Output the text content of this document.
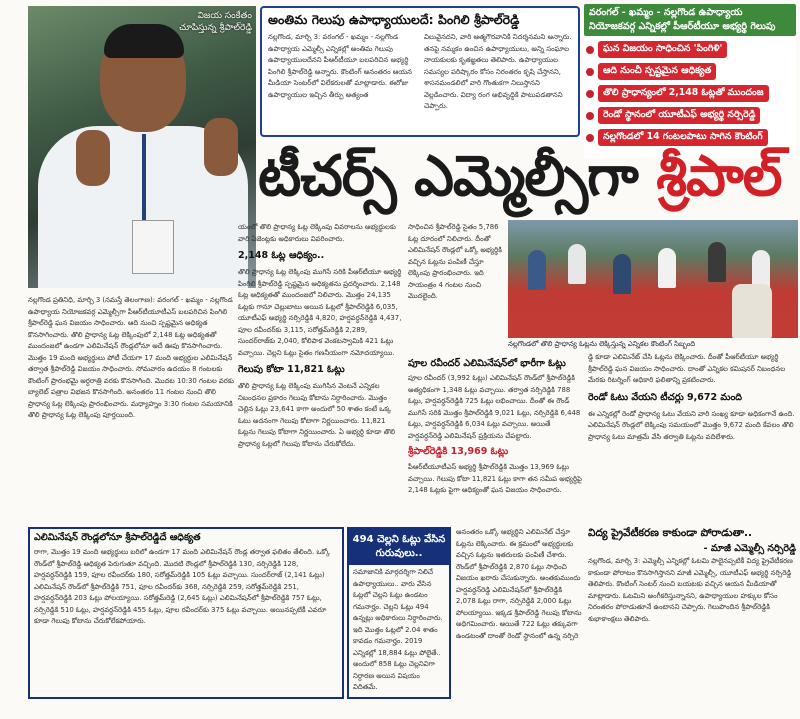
విజయ సంకేతం
చూపిస్తున్న శ్రీపాల్‌రెడ్డి
అంతిమ గెలుపు ఉపాధ్యాయులదే: పింగిలి శ్రీపాల్‌రెడ్డి
నల్లగొండ, మార్చి 3: వరంగల్ - ఖమ్మం - నల్లగొండ ఉపాధ్యాయ ఎమ్మెల్సీ ఎన్నికల్లో అంతిమ గెలుపు ఉపాధ్యాయులదేనని పీఆర్‌టీయూ బలపరిచిన అభ్యర్థి పింగిలి శ్రీపాల్‌రెడ్డి అన్నారు. కౌంటింగ్ అనంతరం ఆయన మీడియా సెంటర్‌లో విలేకరులతో మాట్లాడారు. ఈరోజు ఉపాధ్యాయుల ఇచ్చిన తీర్పు అత్యంత
విలువైనదని, వారి ఆత్మగౌరవానికి నిదర్శనమని అన్నారు. తనపై నమ్మకం ఉంచిన ఉపాధ్యాయులు, అన్ని సంఘాల నాయకులకు కృతజ్ఞతలు తెలిపారు. ఉపాధ్యాయుల సమస్యల పరిష్కారం కోసం నిరంతరం కృషి చేస్తానని, శాసనమండలిలో వారి గొంతుకగా నిలుస్తానని వెల్లడించారు. విద్యా రంగ అభివృద్ధికి పాటుపడతానని చెప్పారు.
వరంగల్ - ఖమ్మం - నల్లగొండ ఉపాధ్యాయ నియోజకవర్గ ఎన్నికల్లో పీఆర్‌టీయూ అభ్యర్థి గెలుపు
ఘన విజయం సాధించిన 'పింగిళి'
ఆది నుంచీ స్పష్టమైన ఆధిక్యత
తొలి ప్రాధాన్యంలో 2,148 ఓట్లతో ముందంజ
రెండో స్థానంలో యూటీఎఫ్ అభ్యర్థి నర్సిరెడ్డి
నల్లగొండలో 14 గంటలపాటు సాగిన కౌంటింగ్
టీచర్స్ ఎమ్మెల్సీగా శ్రీపాల్
నల్లగొండలో తొలి ప్రాధాన్య ఓట్లను లెక్కిస్తున్న ఎన్నికల కౌంటింగ్ సిబ్బంది
నల్లగొండ ప్రతినిధి, మార్చి 3 (నమస్తే తెలంగాణ): వరంగల్ - ఖమ్మం - నల్లగొండ ఉపాధ్యాయ నియోజకవర్గ ఎమ్మెల్సీగా పీఆర్‌టీయూటీఎస్ బలపరిచిన పింగిలి శ్రీపాల్‌రెడ్డి ఘన విజయం సాధించారు. ఆది నుంచి స్పష్టమైన ఆధిక్యత కొనసాగించారు. తొలి ప్రాధాన్య ఓట్ల లెక్కింపులో 2,148 ఓట్ల ఆధిక్యతతో ముందంజలో ఉండగా ఎలిమినేషన్ రౌండ్లలోనూ అదే ఊపు కొనసాగించారు. మొత్తం 19 మంది అభ్యర్థులు పోటీ చేయగా 17 మంది అభ్యర్థుల ఎలిమినేషన్ తర్వాత శ్రీపాల్‌రెడ్డి విజయం సాధించారు. సోమవారం ఉదయం 8 గంటలకు కౌంటింగ్ ప్రారంభమై అర్ధరాత్రి వరకు కొనసాగింది. మొదట 10:30 గంటల వరకు బ్యాలెట్ పత్రాల విభజన కొనసాగింది. అనంతరం 11 గంటల నుంచి తొలి ప్రాధాన్య ఓట్ల లెక్కింపు ప్రారంభించారు. మధ్యాహ్నం 3:30 గంటల సమయానికి తొలి ప్రాధాన్య ఓట్ల లెక్కింపు పూర్తయింది.
యంలో తొలి ప్రాధాన్య ఓట్ల లెక్కింపు వివరాలను అభ్యర్థులకు వారి ఏజెంట్లకు అధికారులు వివరించారు.
2,148 ఓట్ల ఆధిక్యం..
తొలి ప్రాధాన్య ఓట్ల లెక్కింపు ముగిసే సరికి పీఆర్‌టీయూ అభ్యర్థి పింగిలి శ్రీపాల్‌రెడ్డి స్పష్టమైన ఆధిక్యతను ప్రదర్శించారు. 2,148 ఓట్ల ఆధిక్యతతో ముందంజలో నిలిచారు. మొత్తం 24,135 ఓట్లకు గానూ చెల్లుబాటు అయిన ఓట్లలో శ్రీపాల్‌రెడ్డికి 6,035, యూటీఎఫ్ అభ్యర్థి నర్సిరెడ్డికి 4,820, హర్షవర్ధన్‌రెడ్డికి 4,437, పూల రవీందర్‌కు 3,115, సరోత్తమ్‌రెడ్డికి 2,289, సుందర్‌రాజ్‌కు 2,040, కోలిపాక వెంకటస్వామికి 421 ఓట్లు వచ్చాయి. చెల్లని ఓట్లు సైతం గణనీయంగా నమోదయ్యాయి.
గెలుపు కోటా 11,821 ఓట్లు
తొలి ప్రాధాన్య ఓట్ల లెక్కింపు ముగిసిన వెంటనే ఎన్నికల నిబంధనల ప్రకారం గెలుపు కోటాను నిర్ధారించారు. మొత్తం చెల్లిన ఓట్లు 23,641 కాగా అందులో 50 శాతం కంటే ఒక్క ఓటు అదనంగా గెలుపు కోటాగా నిర్ణయించారు. 11,821 ఓట్లను గెలుపు కోటాగా నిర్ణయించారు. ఏ అభ్యర్థి కూడా తొలి ప్రాధాన్య ఓట్లలో గెలుపు కోటాను చేరుకోలేదు.
సాధించిన శ్రీపాల్‌రెడ్డి సైతం 5,786 ఓట్ల దూరంలో నిలిచారు. దీంతో ఎలిమినేషన్ రౌండ్లలో ఒక్కో అభ్యర్థికి వచ్చిన ఓట్లను పంపిణీ చేస్తూ లెక్కింపు ప్రారంభించారు. ఇది సాయంత్రం 4 గంటల నుంచి మొదలైంది.
పూల రవీందర్ ఎలిమినేషన్‌లో భారీగా ఓట్లు
పూల రవీందర్ (3,992 ఓట్లు) ఎలిమినేషన్ రౌండ్‌లో శ్రీపాల్‌రెడ్డికి అత్యధికంగా 1,348 ఓట్లు వచ్చాయి. తర్వాత నర్సిరెడ్డికి 788 ఓట్లు, హర్షవర్ధన్‌రెడ్డికి 725 ఓట్లు లభించాయి. దీంతో ఈ రౌండ్ ముగిసే సరికి మొత్తం శ్రీపాల్‌రెడ్డికి 9,021 ఓట్లు, నర్సిరెడ్డికి 6,448 ఓట్లు, హర్షవర్ధన్‌రెడ్డికి 6,034 ఓట్లు వచ్చాయి. అయితే హర్షవర్ధన్‌రెడ్డి ఎలిమినేషన్ ప్రక్రియను చేపట్టారు.
శ్రీపాల్‌రెడ్డికి 13,969 ఓట్లు
పీఆర్‌టీయూటీఎస్ అభ్యర్థి శ్రీపాల్‌రెడ్డికి మొత్తం 13,969 ఓట్లు వచ్చాయి. గెలుపు కోటా 11,821 ఓట్లు కాగా తన సమీప అభ్యర్థిపై 2,148 ఓట్లకు పైగా ఆధిక్యంతో ఘన విజయం సాధించారు.
డ్డి కూడా ఎలిమినేట్ చేసి ఓట్లను లెక్కించారు. దీంతో పీఆర్‌టీయూ అభ్యర్థి శ్రీపాల్‌రెడ్డి ఘన విజయం సాధించారు. దాంతో ఎన్నికల కమిషనర్ నిబంధనల మేరకు రిటర్నింగ్ అధికారి ఫలితాన్ని ప్రకటించారు.
రెండో ఓటు వేయని టీచర్లు 9,672 మంది
ఈ ఎన్నికల్లో రెండో ప్రాధాన్య ఓటు వేయని వారి సంఖ్య కూడా అధికంగానే ఉంది. ఎలిమినేషన్ రౌండ్లలో లెక్కింపు సమయంలో మొత్తం 9,672 మంది కేవలం తొలి ప్రాధాన్య ఓటు మాత్రమే వేసి తర్వాతి ఓట్లను వదిలేశారు.
ఎలిమినేషన్ రౌండ్లలోనూ శ్రీపాల్‌రెడ్డిదే ఆధిక్యత
రాగా, మొత్తం 19 మంది అభ్యర్థులు బరిలో ఉండగా 17 మంది ఎలిమినేషన్ రౌండ్ల తర్వాత ఫలితం తేలింది. ఒక్కో రౌండ్‌లో శ్రీపాల్‌రెడ్డి ఆధిక్యత పెరుగుతూ వచ్చింది. మొదటి రౌండ్లలో శ్రీపాల్‌రెడ్డికి 130, నర్సిరెడ్డికి 128, హర్షవర్ధన్‌రెడ్డికి 159, పూల రవీందర్‌కు 180, సరోత్తమ్‌రెడ్డికి 105 ఓట్లు వచ్చాయి. సుందర్‌రాజ్ (2,141 ఓట్లు) ఎలిమినేషన్ రౌండ్‌లో శ్రీపాల్‌రెడ్డికి 751, పూల రవీందర్‌కు 368, నర్సిరెడ్డికి 259, సరోత్తమ్‌రెడ్డికి 251, హర్షవర్ధన్‌రెడ్డికి 203 ఓట్లు పోలయ్యాయి. సరోత్తమ్‌రెడ్డి (2,645 ఓట్లు) ఎలిమినేషన్‌లో శ్రీపాల్‌రెడ్డికి 757 ఓట్లు, నర్సిరెడ్డికి 510 ఓట్లు, హర్షవర్ధన్‌రెడ్డికి 455 ఓట్లు, పూల రవీందర్‌కు 375 ఓట్లు వచ్చాయి. అయినప్పటికీ ఎవరూ కూడా గెలుపు కోటాను చేరుకోలేకపోయారు.
494 చెల్లని ఓట్లు వేసిన గురువులు..
సమాజానికి మార్గదర్శిగా నిలిచే ఉపాధ్యాయులు.. వారు వేసిన ఓట్లలో చెల్లని ఓట్లు ఉండటం గమనార్హం. చెల్లని ఓట్లు 494 ఉన్నట్లు అధికారులు నిర్ధారించారు. ఇది మొత్తం ఓట్లలో 2.04 శాతం కావడం గమనార్హం. 2019 ఎన్నికల్లో 18,884 ఓట్లు పోలైతే.. అందులో 858 ఓట్లు చెల్లనివిగా నిర్ధారణ అయిన విషయం విదితమే.
అనంతరం ఒక్కో అభ్యర్థిని ఎలిమినేట్ చేస్తూ ఓట్లను లెక్కించారు. ఈ క్రమంలో అభ్యర్థులకు వచ్చిన ఓట్లను ఇతరులకు పంపిణీ చేశారు. రౌండ్‌లో శ్రీపాల్‌రెడ్డికి 2,870 ఓట్లు సాధించి విజయం ఖరారు చేసుకున్నారు. అంతకుముందు హర్షవర్ధన్‌రెడ్డి ఎలిమినేషన్‌లో శ్రీపాల్‌రెడ్డికి 2,078 ఓట్లు రాగా, నర్సిరెడ్డికి 2,000 ఓట్లు పోలయ్యాయి. ఇక్కడ శ్రీపాల్‌రెడ్డి గెలుపు కోటాను అధిగమించారు. అయితే 722 ఓట్లు తక్కువగా ఉండటంతో దాంతో రెండో స్థానంలో ఉన్న నర్సిరె
విద్య ప్రైవేటీకరణ కాకుండా పోరాడుతా..
- మాజీ ఎమ్మెల్సీ నర్సిరెడ్డి
నల్లగొండ, మార్చి 3: ఎమ్మెల్సీ ఎన్నికల్లో ఓటమి పాలైనప్పటికీ విద్య ప్రైవేటీకరణ కాకుండా పోరాటం కొనసాగిస్తానని మాజీ ఎమ్మెల్సీ, యూటీఎఫ్ అభ్యర్థి నర్సిరెడ్డి తెలిపారు. కౌంటింగ్ సెంటర్ నుంచి బయటకు వచ్చిన ఆయన మీడియాతో మాట్లాడారు. ఓటమిని అంగీకరిస్తున్నానని, ఉపాధ్యాయుల హక్కుల కోసం నిరంతరం పోరాడుతూనే ఉంటానని చెప్పారు. గెలుపొందిన శ్రీపాల్‌రెడ్డికి శుభాకాంక్షలు తెలిపారు.
